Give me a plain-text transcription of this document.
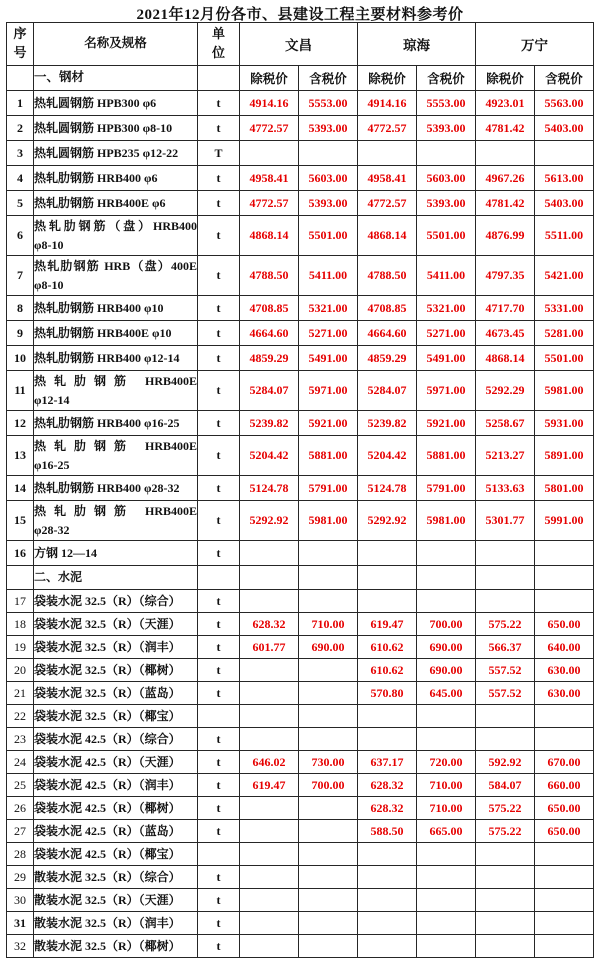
2021年12月份各市、县建设工程主要材料参考价
序号	名称及规格	单位	文昌		琼海		万宁	
	一、钢材		除税价	含税价	除税价	含税价	除税价	含税价
1	热轧圆钢筋 HPB300 φ6	t	4914.16	5553.00	4914.16	5553.00	4923.01	5563.00
2	热轧圆钢筋 HPB300 φ8-10	t	4772.57	5393.00	4772.57	5393.00	4781.42	5403.00
3	热轧圆钢筋 HPB235 φ12-22	T						
4	热轧肋钢筋 HRB400 φ6	t	4958.41	5603.00	4958.41	5603.00	4967.26	5613.00
5	热轧肋钢筋 HRB400E φ6	t	4772.57	5393.00	4772.57	5393.00	4781.42	5403.00
6	热轧肋钢筋（盘）HRB400
φ8-10	t	4868.14	5501.00	4868.14	5501.00	4876.99	5511.00
7	热轧肋钢筋 HRB（盘）400E
φ8-10	t	4788.50	5411.00	4788.50	5411.00	4797.35	5421.00
8	热轧肋钢筋 HRB400 φ10	t	4708.85	5321.00	4708.85	5321.00	4717.70	5331.00
9	热轧肋钢筋 HRB400E φ10	t	4664.60	5271.00	4664.60	5271.00	4673.45	5281.00
10	热轧肋钢筋 HRB400 φ12-14	t	4859.29	5491.00	4859.29	5491.00	4868.14	5501.00
11	热轧肋钢筋 HRB400E
φ12-14	t	5284.07	5971.00	5284.07	5971.00	5292.29	5981.00
12	热轧肋钢筋 HRB400 φ16-25	t	5239.82	5921.00	5239.82	5921.00	5258.67	5931.00
13	热轧肋钢筋 HRB400E
φ16-25	t	5204.42	5881.00	5204.42	5881.00	5213.27	5891.00
14	热轧肋钢筋 HRB400 φ28-32	t	5124.78	5791.00	5124.78	5791.00	5133.63	5801.00
15	热轧肋钢筋 HRB400E
φ28-32	t	5292.92	5981.00	5292.92	5981.00	5301.77	5991.00
16	方钢 12—14	t						
	二、水泥							
17	袋装水泥 32.5（R）（综合）	t						
18	袋装水泥 32.5（R）（天涯）	t	628.32	710.00	619.47	700.00	575.22	650.00
19	袋装水泥 32.5（R）（润丰）	t	601.77	690.00	610.62	690.00	566.37	640.00
20	袋装水泥 32.5（R）（椰树）	t			610.62	690.00	557.52	630.00
21	袋装水泥 32.5（R）（蓝岛）	t			570.80	645.00	557.52	630.00
22	袋装水泥 32.5（R）（椰宝）							
23	袋装水泥 42.5（R）（综合）	t						
24	袋装水泥 42.5（R）（天涯）	t	646.02	730.00	637.17	720.00	592.92	670.00
25	袋装水泥 42.5（R）（润丰）	t	619.47	700.00	628.32	710.00	584.07	660.00
26	袋装水泥 42.5（R）（椰树）	t			628.32	710.00	575.22	650.00
27	袋装水泥 42.5（R）（蓝岛）	t			588.50	665.00	575.22	650.00
28	袋装水泥 42.5（R）（椰宝）							
29	散装水泥 32.5（R）（综合）	t						
30	散装水泥 32.5（R）（天涯）	t						
31	散装水泥 32.5（R）（润丰）	t						
32	散装水泥 32.5（R）（椰树）	t						
